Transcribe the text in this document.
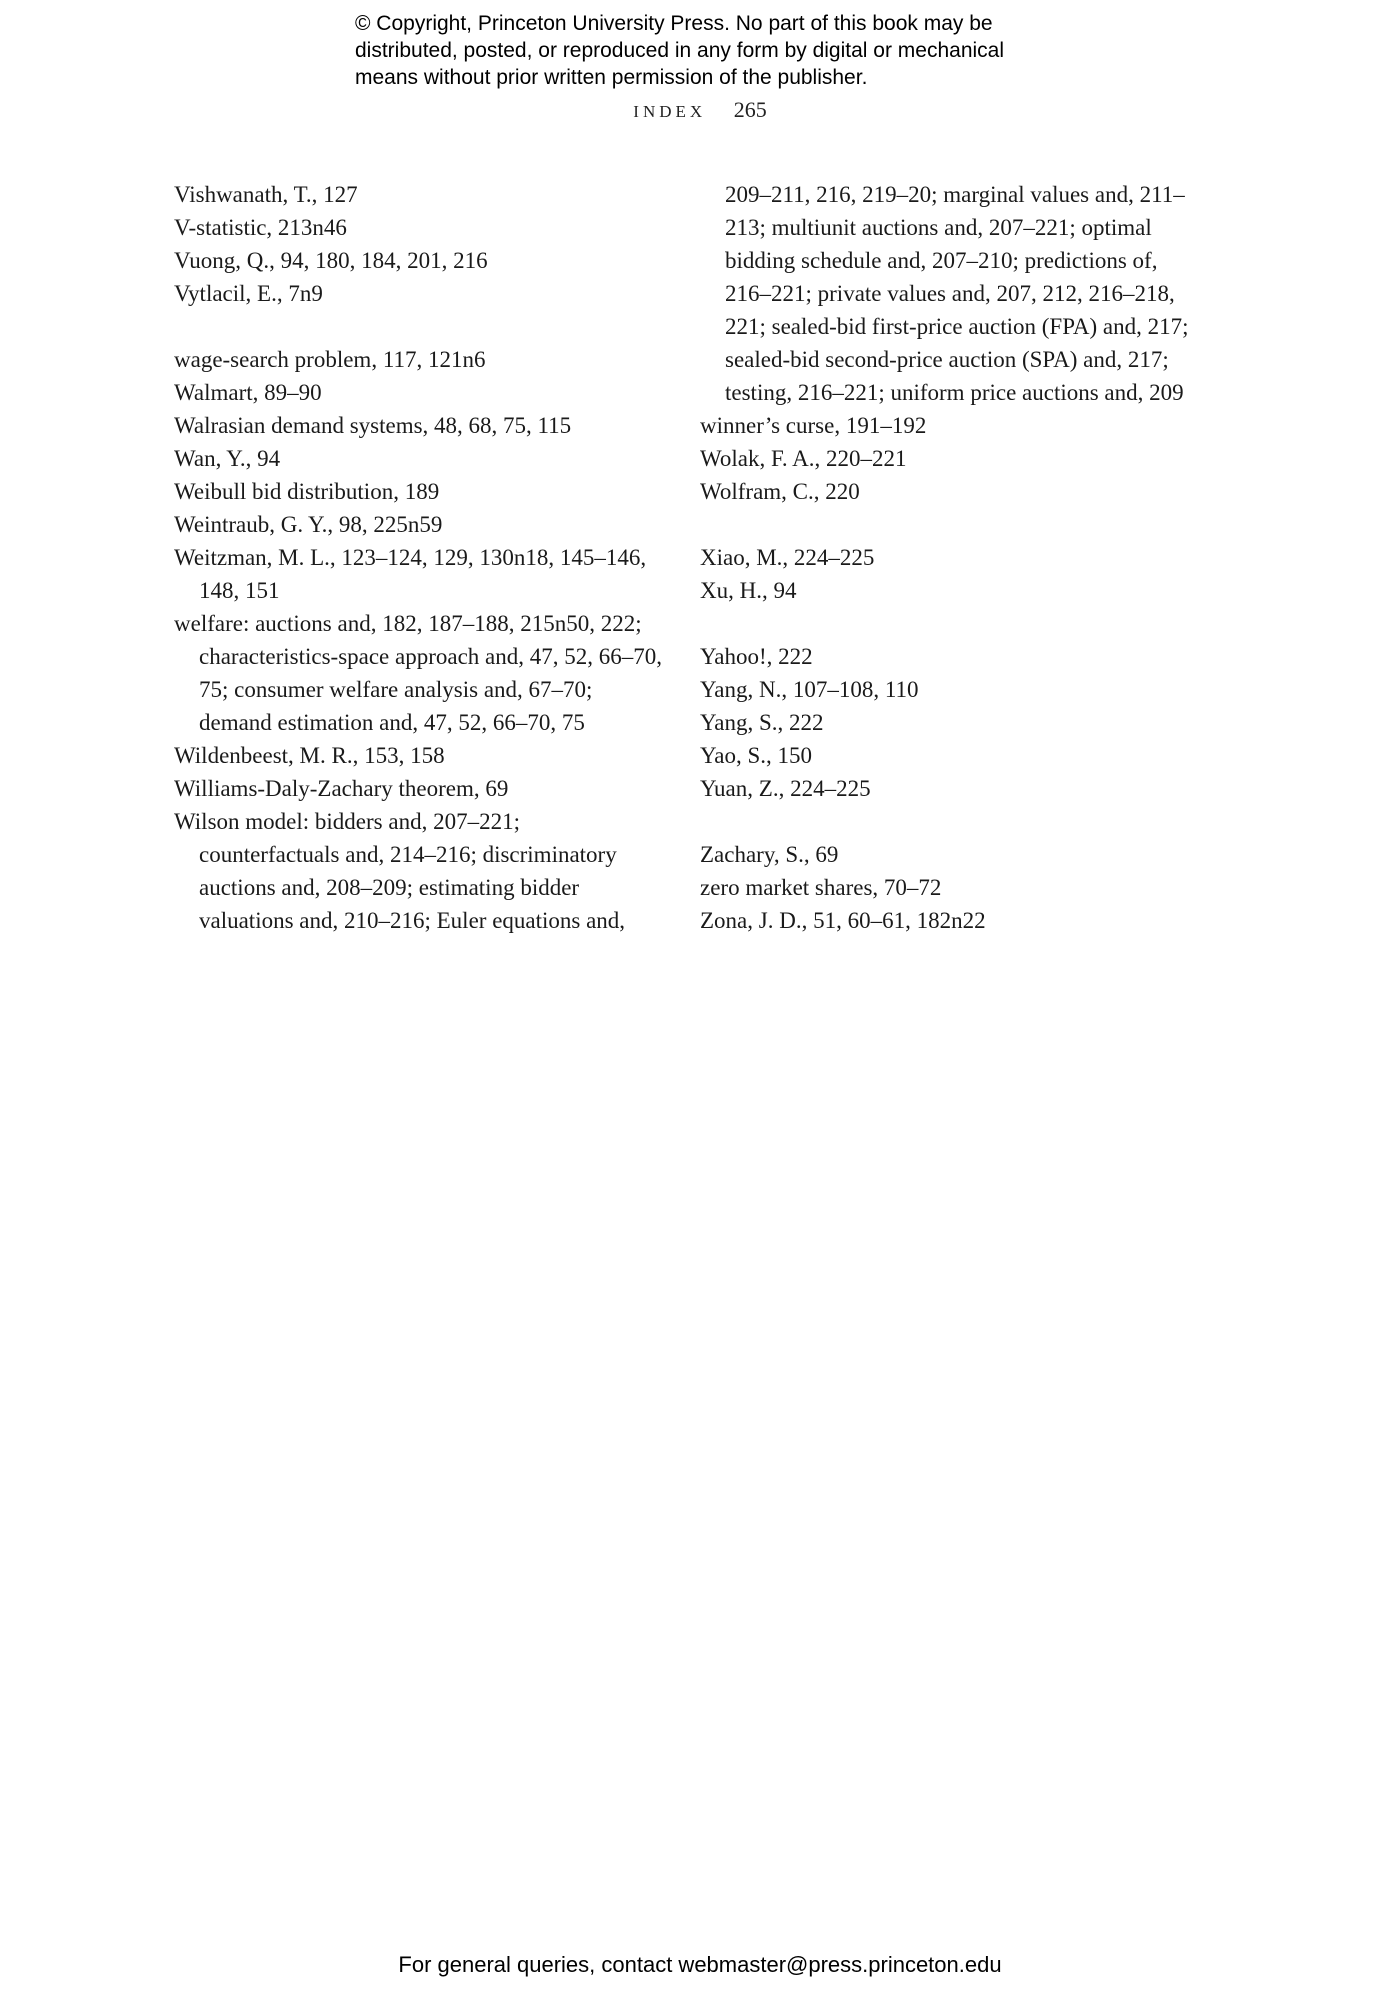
© Copyright, Princeton University Press. No part of this book may be
distributed, posted, or reproduced in any form by digital or mechanical
means without prior written permission of the publisher.
index 265

Vishwanath, T., 127

V-statistic, 213n46

Vuong, Q., 94, 180, 184, 201, 216

Vytlacil, E., 7n9

wage-search problem, 117, 121n6

Walmart, 89–90

Walrasian demand systems, 48, 68, 75, 115

Wan, Y., 94

Weibull bid distribution, 189

Weintraub, G. Y., 98, 225n59

Weitzman, M. L., 123–124, 129, 130n18, 145–146, 148, 151

welfare: auctions and, 182, 187–188, 215n50, 222; characteristics-space approach and, 47, 52, 66–70, 75; consumer welfare analysis and, 67–70; demand estimation and, 47, 52, 66–70, 75

Wildenbeest, M. R., 153, 158

Williams-Daly-Zachary theorem, 69

Wilson model: bidders and, 207–221; counterfactuals and, 214–216; discriminatory auctions and, 208–209; estimating bidder valuations and, 210–216; Euler equations and,

209–211, 216, 219–20; marginal values and, 211–213; multiunit auctions and, 207–221; optimal bidding schedule and, 207–210; predictions of, 216–221; private values and, 207, 212, 216–218, 221; sealed-bid first-price auction (FPA) and, 217; sealed-bid second-price auction (SPA) and, 217; testing, 216–221; uniform price auctions and, 209

winner’s curse, 191–192

Wolak, F. A., 220–221

Wolfram, C., 220

Xiao, M., 224–225

Xu, H., 94

Yahoo!, 222

Yang, N., 107–108, 110

Yang, S., 222

Yao, S., 150

Yuan, Z., 224–225

Zachary, S., 69

zero market shares, 70–72

Zona, J. D., 51, 60–61, 182n22

For general queries, contact webmaster@press.princeton.edu
